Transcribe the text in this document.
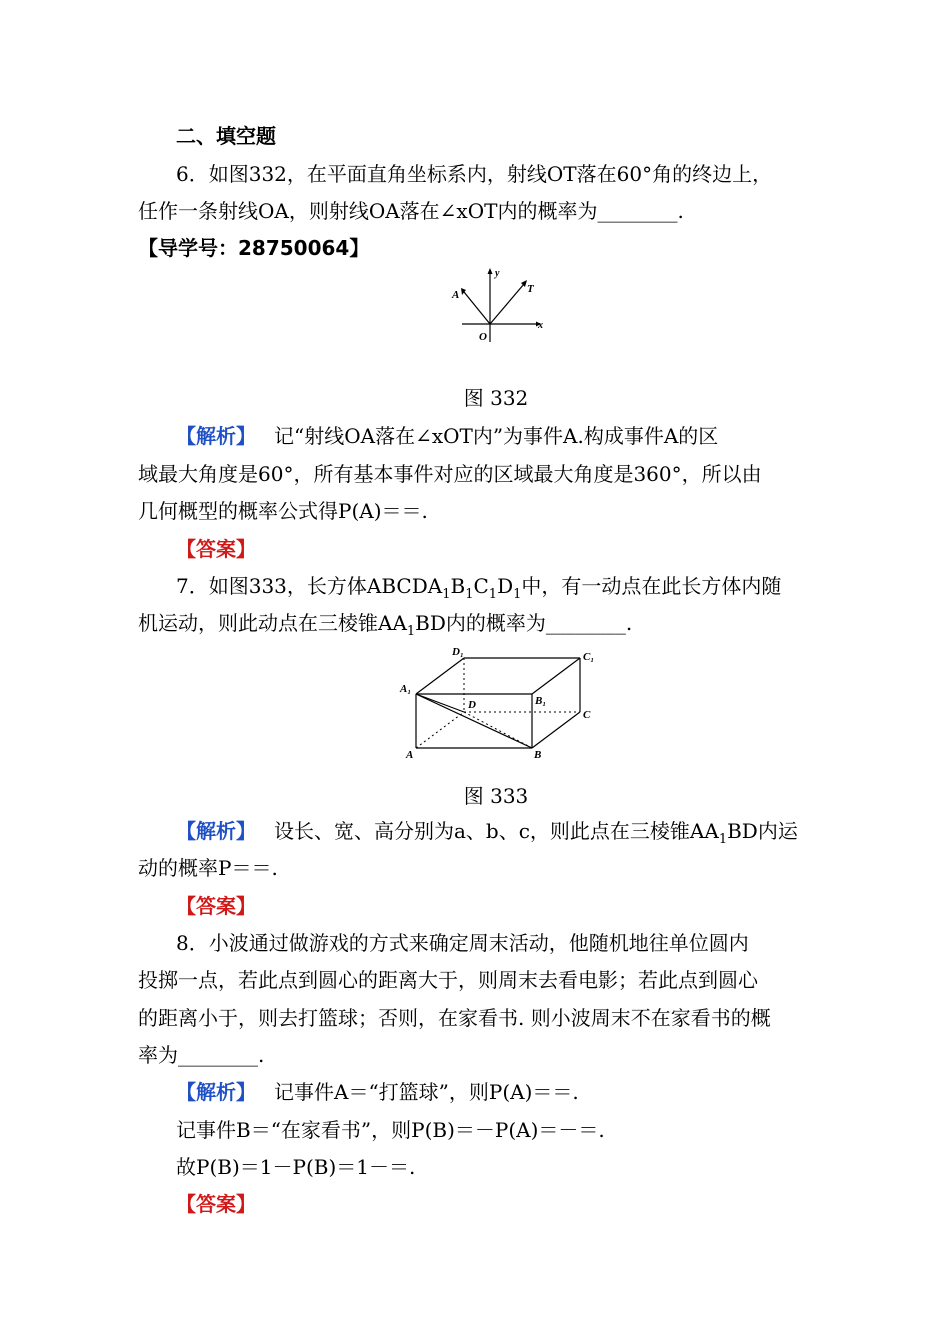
二、填空题
6．如图332，在平面直角坐标系内，射线OT落在60°角的终边上，
任作一条射线OA，则射线OA落在∠xOT内的概率为________.
【导学号：28750064】
y
x
A	T
O
图 332
【解析】 记“射线OA落在∠xOT内”为事件A.构成事件A的区
域最大角度是60°，所有基本事件对应的区域最大角度是360°，所以由
几何概型的概率公式得P(A)＝＝.
【答案】
7．如图333，长方体$ABCDA_1B_1C_1D_1$中，有一动点在此长方体内随
机运动，则此动点在三棱锥$AA_1BD$内的概率为________.
D₁	C₁
A₁
B₁
D
C
A	B
图 333
【解析】 设长、宽、高分别为a、b、c，则此点在三棱锥$AA_1BD$内运
动的概率P＝＝.
【答案】
8．小波通过做游戏的方式来确定周末活动，他随机地往单位圆内
投掷一点，若此点到圆心的距离大于，则周末去看电影；若此点到圆心
的距离小于，则去打篮球；否则，在家看书. 则小波周末不在家看书的概
率为________.
【解析】 记事件A＝“打篮球”，则P(A)＝＝.
记事件B＝“在家看书”，则P(B)＝－P(A)＝－＝.
故P(B)＝1－P(B)＝1－＝.
【答案】
